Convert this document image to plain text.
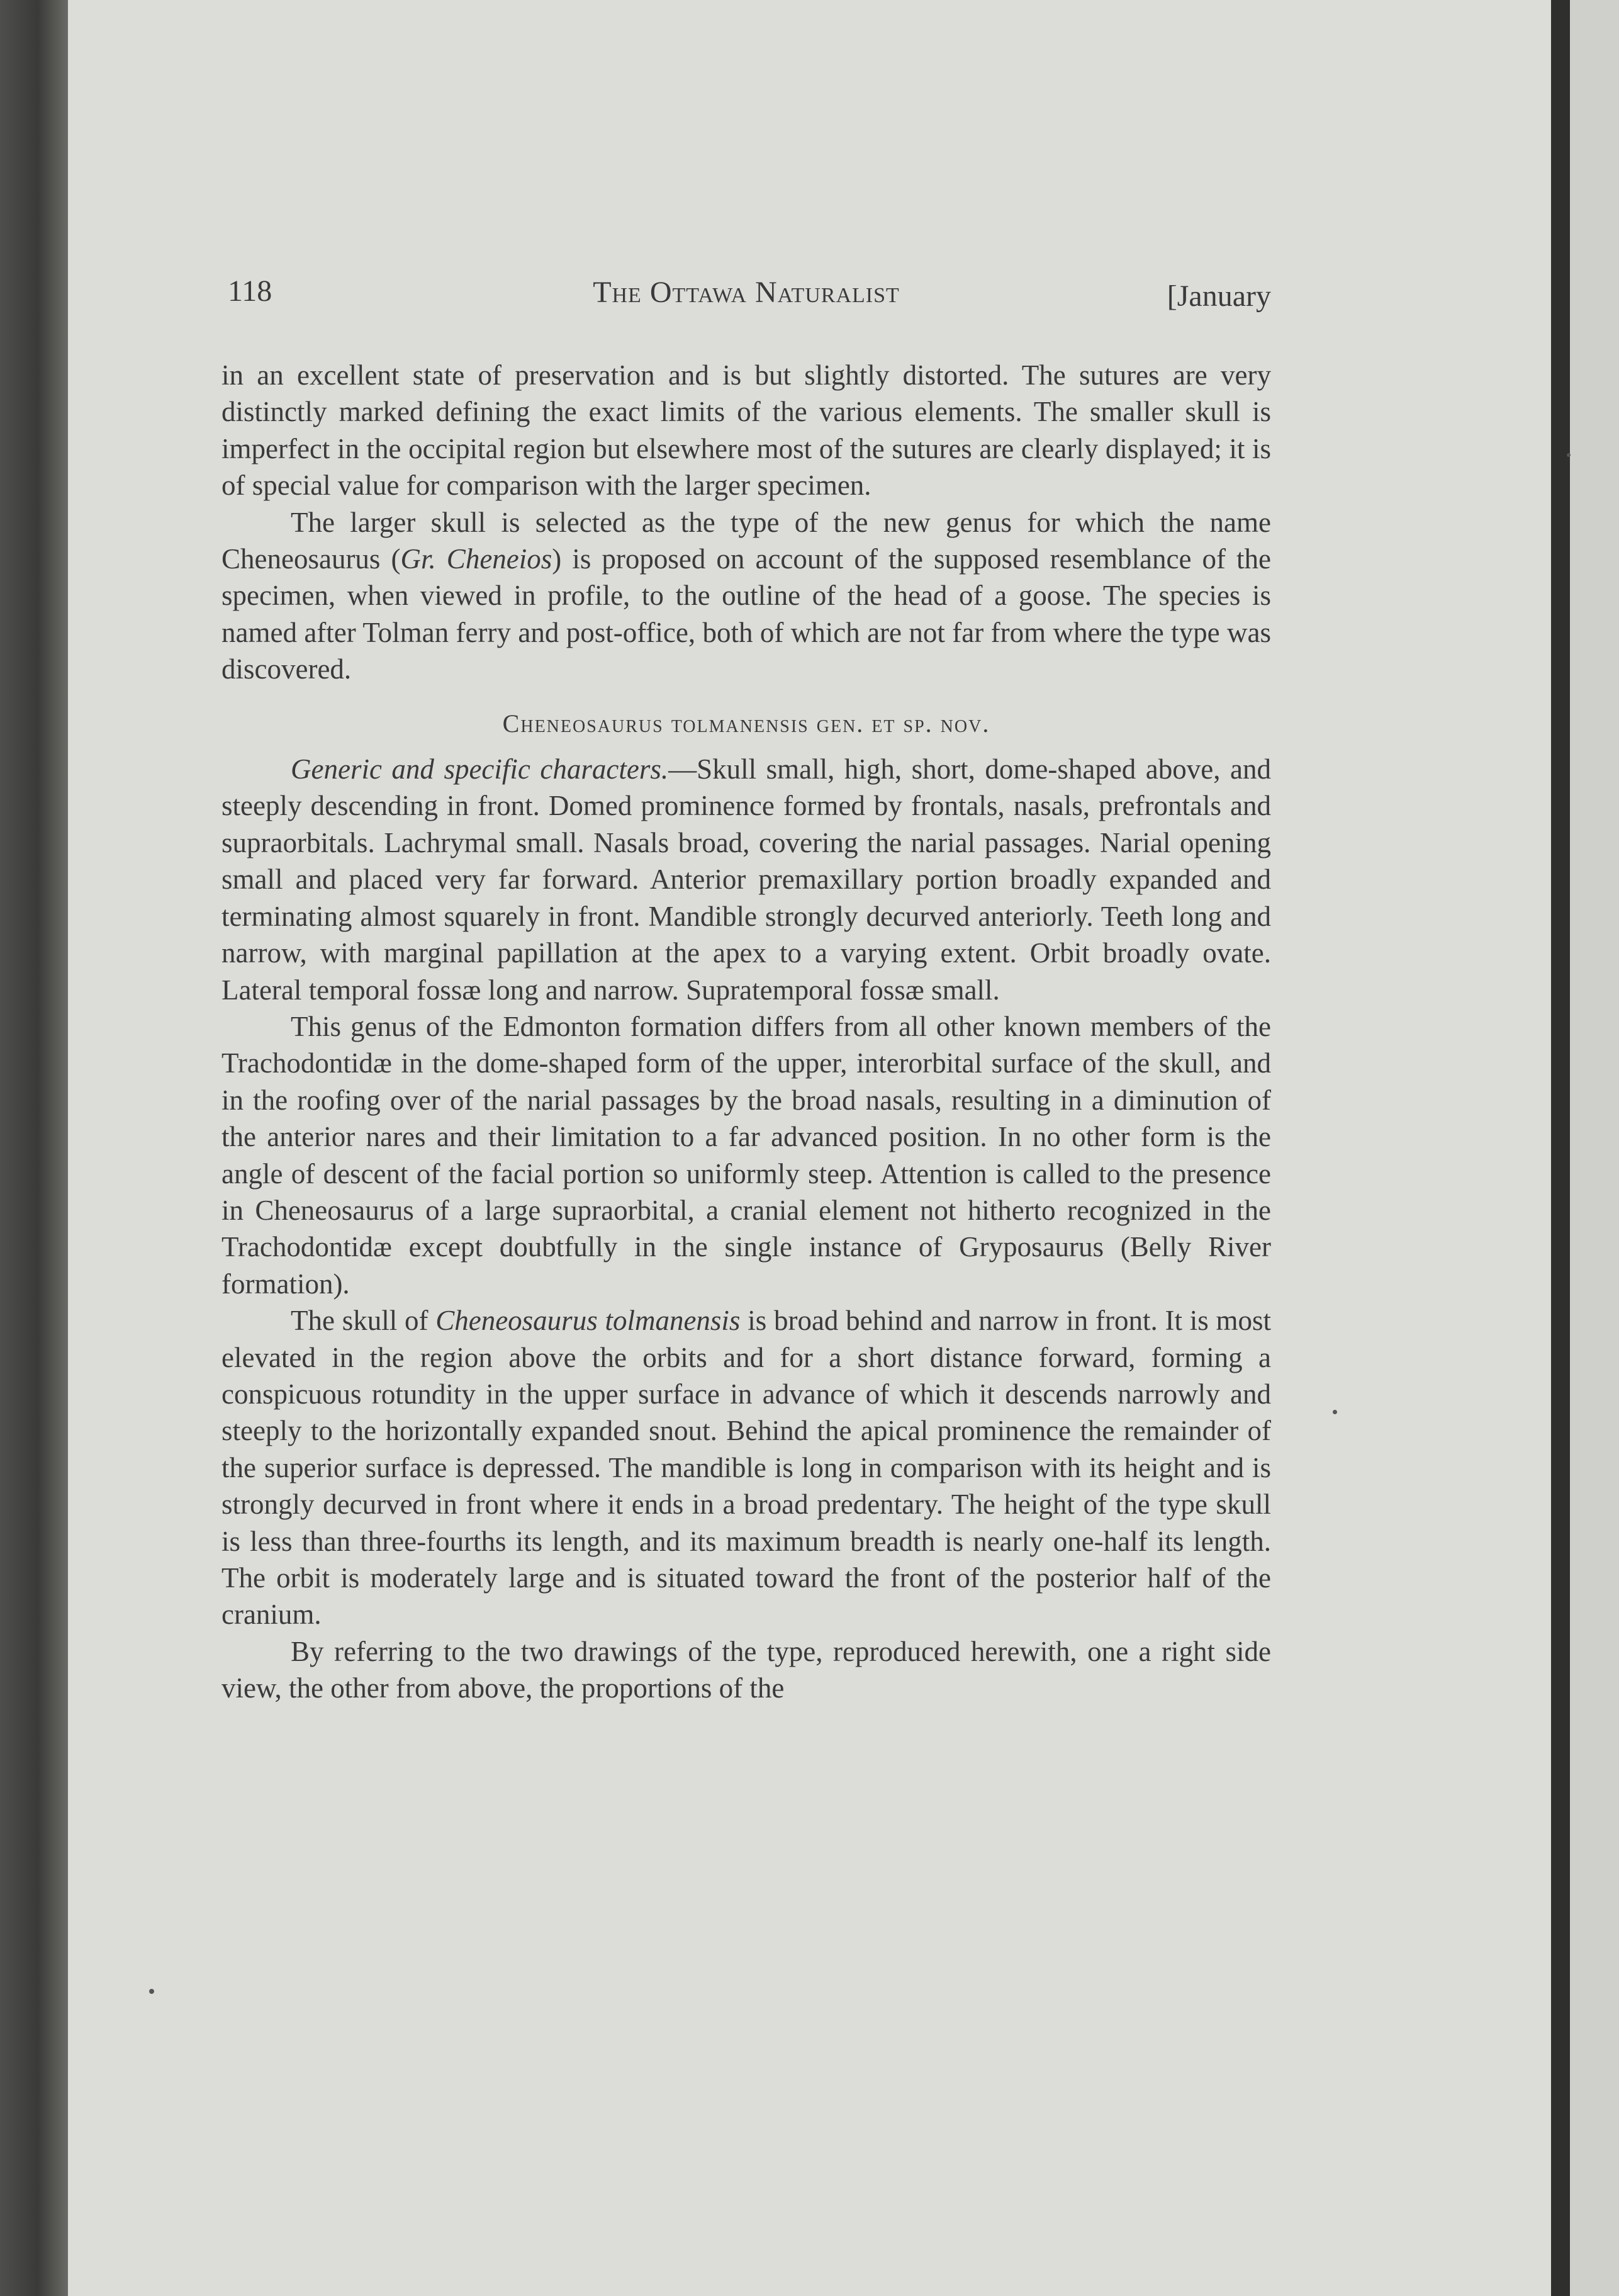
118	The Ottawa Naturalist	[January

in an excellent state of preservation and is but slightly distorted. The sutures are very distinctly marked defining the exact limits of the various elements. The smaller skull is imperfect in the occipital region but elsewhere most of the sutures are clearly displayed; it is of special value for comparison with the larger specimen.

The larger skull is selected as the type of the new genus for which the name Cheneosaurus (Gr. Chenеios) is proposed on account of the supposed resemblance of the specimen, when viewed in profile, to the outline of the head of a goose. The species is named after Tolman ferry and post-office, both of which are not far from where the type was discovered.

Cheneosaurus tolmanensis gen. et sp. nov.

Generic and specific characters.—Skull small, high, short, dome-shaped above, and steeply descending in front. Domed prominence formed by frontals, nasals, prefrontals and supraorbitals. Lachrymal small. Nasals broad, covering the narial passages. Narial opening small and placed very far forward. Anterior premaxillary portion broadly expanded and terminating almost squarely in front. Mandible strongly decurved anteriorly. Teeth long and narrow, with marginal papillation at the apex to a varying extent. Orbit broadly ovate. Lateral temporal fossæ long and narrow. Supratemporal fossæ small.

This genus of the Edmonton formation differs from all other known members of the Trachodontidæ in the dome-shaped form of the upper, interorbital surface of the skull, and in the roofing over of the narial passages by the broad nasals, resulting in a diminution of the anterior nares and their limitation to a far advanced position. In no other form is the angle of descent of the facial portion so uniformly steep. Attention is called to the presence in Cheneosaurus of a large supraorbital, a cranial element not hitherto recognized in the Trachodontidæ except doubtfully in the single instance of Gryposaurus (Belly River formation).

The skull of Cheneosaurus tolmanensis is broad behind and narrow in front. It is most elevated in the region above the orbits and for a short distance forward, forming a conspicuous rotundity in the upper surface in advance of which it descends narrowly and steeply to the horizontally expanded snout. Behind the apical prominence the remainder of the superior surface is depressed. The mandible is long in comparison with its height and is strongly decurved in front where it ends in a broad predentary. The height of the type skull is less than three-fourths its length, and its maximum breadth is nearly one-half its length. The orbit is moderately large and is situated toward the front of the posterior half of the cranium.

By referring to the two drawings of the type, reproduced herewith, one a right side view, the other from above, the proportions of the
